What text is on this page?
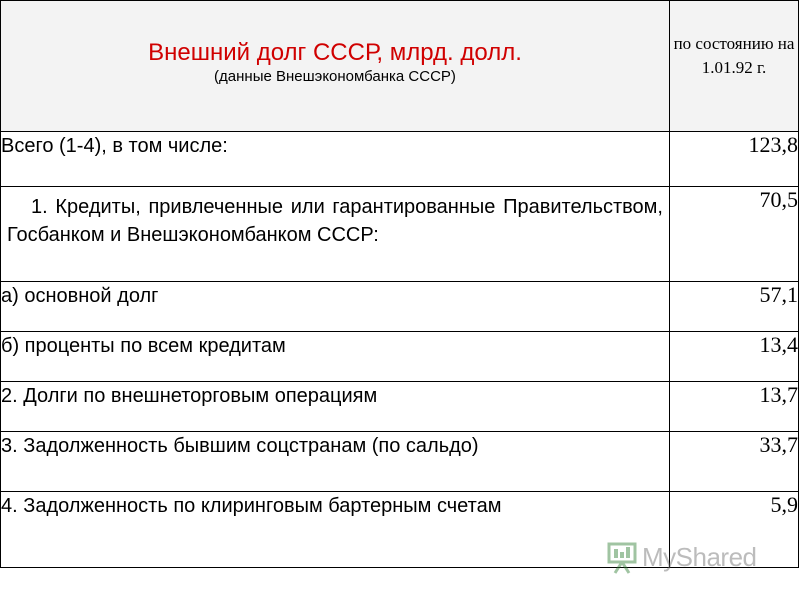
Внешний долг СССР, млрд. долл.
(данные Внешэкономбанка СССР)	по состоянию на 1.01.92 г.

Всего (1-4), в том числе:	123,8
1. Кредиты, привлеченные или гарантированные Правительством, Госбанком и Внешэкономбанком СССР:	70,5
а) основной долг	57,1
б) проценты по всем кредитам	13,4
2. Долги по внешнеторговым операциям	13,7
3. Задолженность бывшим соцстранам (по сальдо)	33,7
4. Задолженность по клиринговым бартерным счетам	5,9
MyShared
